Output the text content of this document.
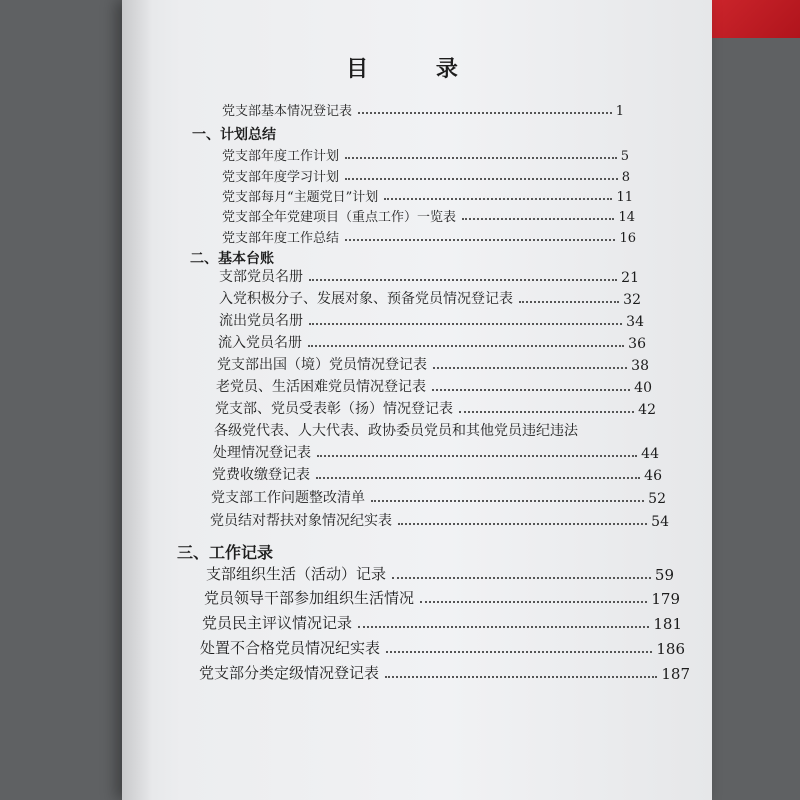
目 录
党支部基本情况登记表	1
一、计划总结
党支部年度工作计划	5
党支部年度学习计划	8
党支部每月“主题党日”计划	11
党支部全年党建项目（重点工作）一览表	14
党支部年度工作总结	16
二、基本台账
支部党员名册	21
入党积极分子、发展对象、预备党员情况登记表	32
流出党员名册	34
流入党员名册	36
党支部出国（境）党员情况登记表	38
老党员、生活困难党员情况登记表	40
党支部、党员受表彰（扬）情况登记表	42
各级党代表、人大代表、政协委员党员和其他党员违纪违法
处理情况登记表	44
党费收缴登记表	46
党支部工作问题整改清单	52
党员结对帮扶对象情况纪实表	54
三、工作记录
支部组织生活（活动）记录	59
党员领导干部参加组织生活情况	179
党员民主评议情况记录	181
处置不合格党员情况纪实表	186
党支部分类定级情况登记表	187
